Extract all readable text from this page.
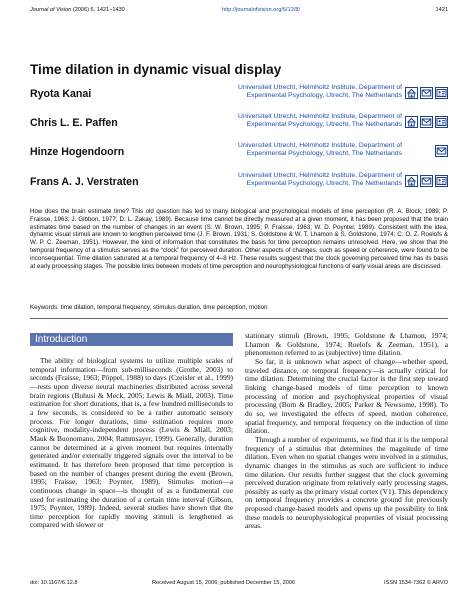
Journal of Vision (2006) 6, 1421–1430	http://journalofvision.org/6/12/8/	1421
Time dilation in dynamic visual display
Ryota Kanai
Universiteit Utrecht, Helmholtz Institute, Department of
Experimental Psychology, Utrecht, The Netherlands
Chris L. E. Paffen
Universiteit Utrecht, Helmholtz Institute, Department of
Experimental Psychology, Utrecht, The Netherlands
Hinze Hogendoorn
Universiteit Utrecht, Helmholtz Institute, Department of
Experimental Psychology, Utrecht, The Netherlands
Frans A. J. Verstraten
Universiteit Utrecht, Helmholtz Institute, Department of
Experimental Psychology, Utrecht, The Netherlands
How does the brain estimate time? This old question has led to many biological and psychological models of time perception (R. A. Block, 1989; P. Fraisse, 1963; J. Gibbon, 1977; D. L. Zakay, 1989). Because time cannot be directly measured at a given moment, it has been proposed that the brain estimates time based on the number of changes in an event (S. W. Brown, 1995; P. Fraisse, 1963; W. D. Poynter, 1989). Consistent with the idea, dynamic visual stimuli are known to lengthen perceived time (J. F. Brown, 1931; S. Goldstone & W. T. Lhamon & S. Goldstone, 1974; C. O. Z. Roelofs & W. P. C. Zeeman, 1951). However, the kind of information that constitutes the basis for time perception remains unresolved. Here, we show that the temporal frequency of a stimulus serves as the “clock” for perceived duration. Other aspects of changes, such as speed or coherence, were found to be inconsequential. Time dilation saturated at a temporal frequency of 4–8 Hz. These results suggest that the clock governing perceived time has its basis at early processing stages. The possible links between models of time perception and neurophysiological functions of early visual areas are discussed.
Keywords: time dilation, temporal frequency, stimulus duration, time perception, motion
Introduction
The ability of biological systems to utilize multiple scales of temporal information—from sub-milliseconds (Grothe, 2003) to seconds (Fraisse, 1963; Pöppel, 1988) to days (Czeisler et al., 1999)—rests upon diverse neural machineries distributed across several brain regions (Buhusi & Meck, 2005; Lewis & Miall, 2003). Time estimation for short durations, that is, a few hundred milliseconds to a few seconds, is considered to be a rather automatic sensory process. For longer durations, time estimation requires more cognitive, modality-independent process (Lewis & Miall, 2003; Mauk & Buonomano, 2004; Rammsayer, 1999). Generally, duration cannot be determined at a given moment but requires internally generated and/or externally triggered signals over the interval to be estimated. It has therefore been proposed that time perception is based on the number of changes present during the event (Brown, 1995; Fraisse, 1963; Poynter, 1989). Stimulus motion—a continuous change in space—is thought of as a fundamental cue used for estimating the duration of a certain time interval (Gibson, 1975; Poynter, 1989). Indeed, several studies have shown that the time perception for rapidly moving stimuli is lengthened as compared with slower or
stationary stimuli (Brown, 1995; Goldstone & Lhamon, 1974; Lhamon & Goldstone, 1974; Roelofs & Zeeman, 1951), a phenomenon referred to as (subjective) time dilation.
So far, it is unknown what aspect of change—whether speed, traveled distance, or temporal frequency—is actually critical for time dilation. Determining the crucial factor is the first step toward linking change-based models of time perception to known processing of motion and psychophysical properties of visual processing (Born & Bradley, 2005; Parker & Newsome, 1998). To do so, we investigated the effects of speed, motion coherence, spatial frequency, and temporal frequency on the induction of time dilation.
Through a number of experiments, we find that it is the temporal frequency of a stimulus that determines the magnitude of time dilation. Even when no spatial changes were involved in a stimulus, dynamic changes in the stimulus as such are sufficient to induce time dilation. Our results further suggest that the clock governing perceived duration originate from relatively early processing stages, possibly as early as the primary visual cortex (V1). This dependency on temporal frequency provides a concrete ground for previously proposed change-based models and opens up the possibility to link these models to neurophysiological properties of visual processing areas.
doi: 10.1167/6.12.8	Received August 15, 2006; published December 15, 2006	ISSN 1534-7362 © ARVO
